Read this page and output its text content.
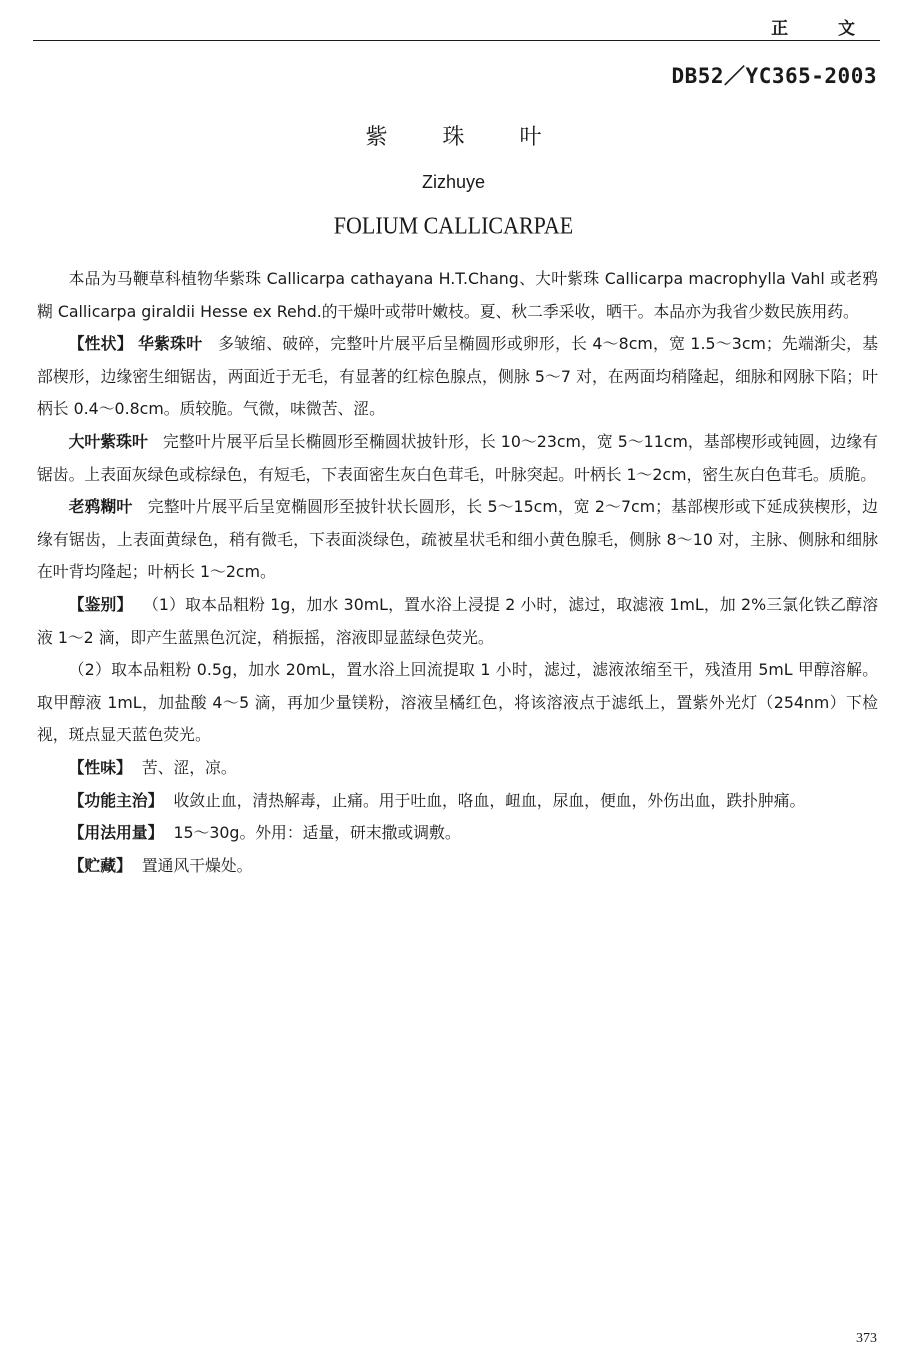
正 文
DB52／YC365-2003
紫 珠 叶
Zizhuye
FOLIUM CALLICARPAE

本品为马鞭草科植物华紫珠 Callicarpa cathayana H.T.Chang、大叶紫珠 Callicarpa macrophylla Vahl 或老鸦糊 Callicarpa giraldii Hesse ex Rehd.的干燥叶或带叶嫩枝。夏、秋二季采收，晒干。本品亦为我省少数民族用药。

【性状】 华紫珠叶 多皱缩、破碎，完整叶片展平后呈椭圆形或卵形，长 4～8cm，宽 1.5～3cm；先端渐尖，基部楔形，边缘密生细锯齿，两面近于无毛，有显著的红棕色腺点，侧脉 5～7 对，在两面均稍隆起，细脉和网脉下陷；叶柄长 0.4～0.8cm。质较脆。气微，味微苦、涩。

大叶紫珠叶 完整叶片展平后呈长椭圆形至椭圆状披针形，长 10～23cm，宽 5～11cm，基部楔形或钝圆，边缘有锯齿。上表面灰绿色或棕绿色，有短毛，下表面密生灰白色茸毛，叶脉突起。叶柄长 1～2cm，密生灰白色茸毛。质脆。

老鸦糊叶 完整叶片展平后呈宽椭圆形至披针状长圆形，长 5～15cm，宽 2～7cm；基部楔形或下延成狭楔形，边缘有锯齿，上表面黄绿色，稍有微毛，下表面淡绿色，疏被星状毛和细小黄色腺毛，侧脉 8～10 对，主脉、侧脉和细脉在叶背均隆起；叶柄长 1～2cm。

【鉴别】 （1）取本品粗粉 1g，加水 30mL，置水浴上浸提 2 小时，滤过，取滤液 1mL，加 2%三氯化铁乙醇溶液 1～2 滴，即产生蓝黑色沉淀，稍振摇，溶液即显蓝绿色荧光。

（2）取本品粗粉 0.5g，加水 20mL，置水浴上回流提取 1 小时，滤过，滤液浓缩至干，残渣用 5mL 甲醇溶解。取甲醇液 1mL，加盐酸 4～5 滴，再加少量镁粉，溶液呈橘红色，将该溶液点于滤纸上，置紫外光灯（254nm）下检视，斑点显天蓝色荧光。

【性味】 苦、涩，凉。

【功能主治】 收敛止血，清热解毒，止痛。用于吐血，咯血，衄血，尿血，便血，外伤出血，跌扑肿痛。

【用法用量】 15～30g。外用：适量，研末撒或调敷。

【贮藏】 置通风干燥处。

373
